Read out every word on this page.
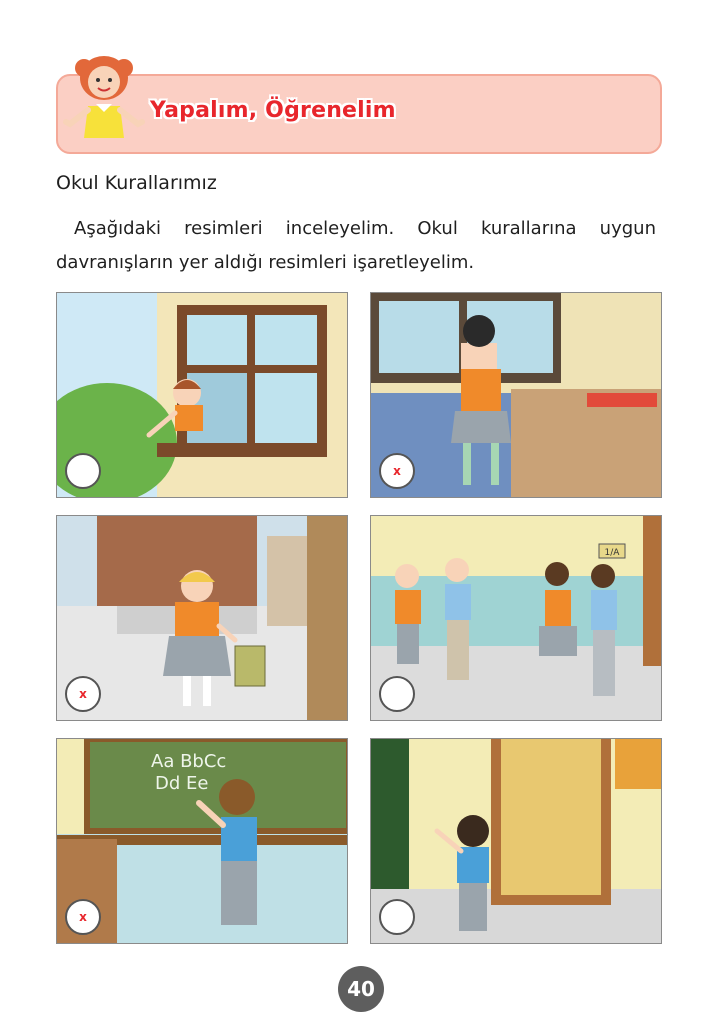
Yapalım, Öğrenelim
Okul Kurallarımız

Aşağıdaki resimleri inceleyelim. Okul kurallarına uygun davranışların yer aldığı resimleri işaretleyelim.

x
x
1/A
Aa BbCc
Dd Ee
x
40
